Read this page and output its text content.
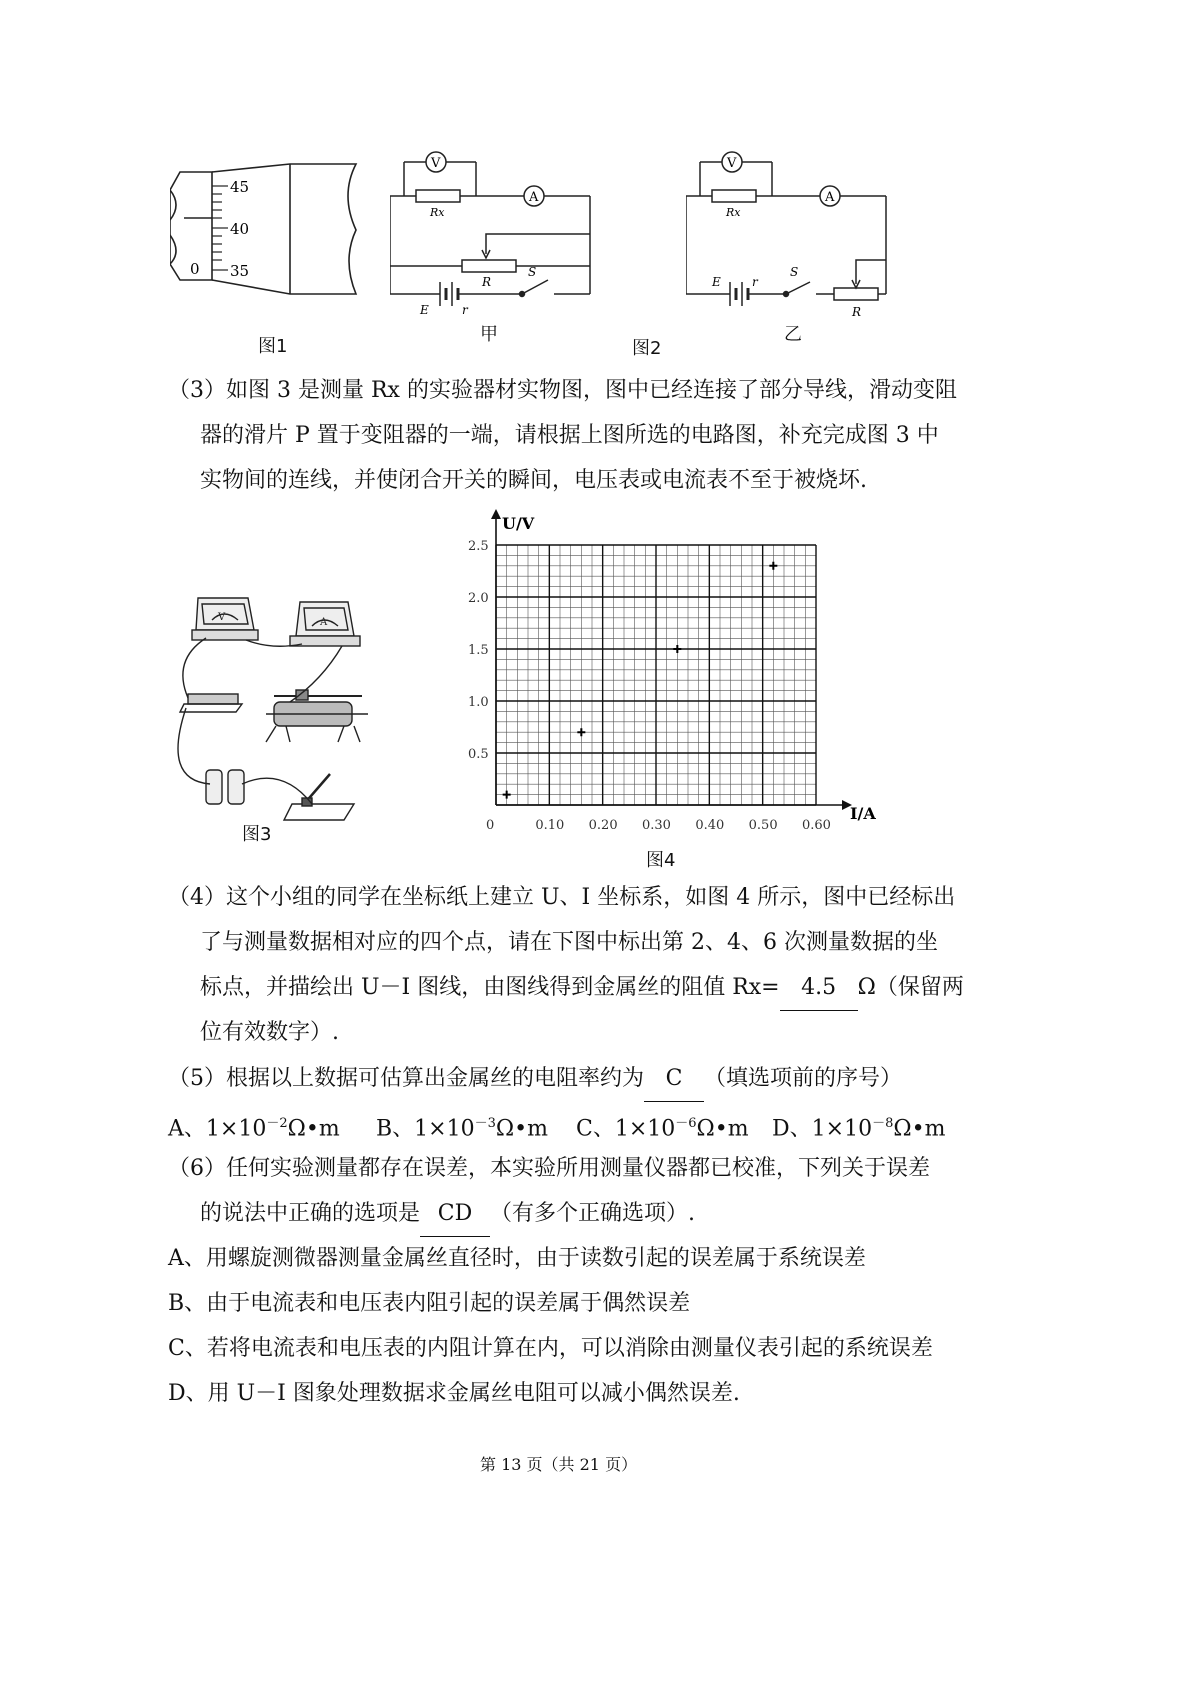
45
40
35
0
图1
V
A
Rx
R
E	r
S
甲
V
A
Rx
R
E	r
S
乙
图2
（3）如图 3 是测量 Rx 的实验器材实物图，图中已经连接了部分导线，滑动变阻
器的滑片 P 置于变阻器的一端，请根据上图所选的电路图，补充完成图 3 中
实物间的连线，并使闭合开关的瞬间，电压表或电流表不至于被烧坏.
V	A
图3	0	0.10 0.20 0.30 0.40 0.50 0.60
0.5
1.0
1.5
2.0
2.5
U/V
I/A
图4
（4）这个小组的同学在坐标纸上建立 U、I 坐标系，如图 4 所示，图中已经标出
了与测量数据相对应的四个点，请在下图中标出第 2、4、6 次测量数据的坐
标点，并描绘出 U－I 图线，由图线得到金属丝的阻值 Rx= 4.5 Ω（保留两
位有效数字）.
（5）根据以上数据可估算出金属丝的电阻率约为 C （填选项前的序号）
A、$1\times 10^{-2}\Omega•m$ B、$1\times 10^{-3}\Omega•m$ C、$1\times 10^{-6}\Omega•m$ D、$1\times 10^{-8}\Omega•m$
（6）任何实验测量都存在误差，本实验所用测量仪器都已校准，下列关于误差
的说法中正确的选项是 CD （有多个正确选项）.
A、用螺旋测微器测量金属丝直径时，由于读数引起的误差属于系统误差
B、由于电流表和电压表内阻引起的误差属于偶然误差
C、若将电流表和电压表的内阻计算在内，可以消除由测量仪表引起的系统误差
D、用 U－I 图象处理数据求金属丝电阻可以减小偶然误差.
第 13 页（共 21 页）
